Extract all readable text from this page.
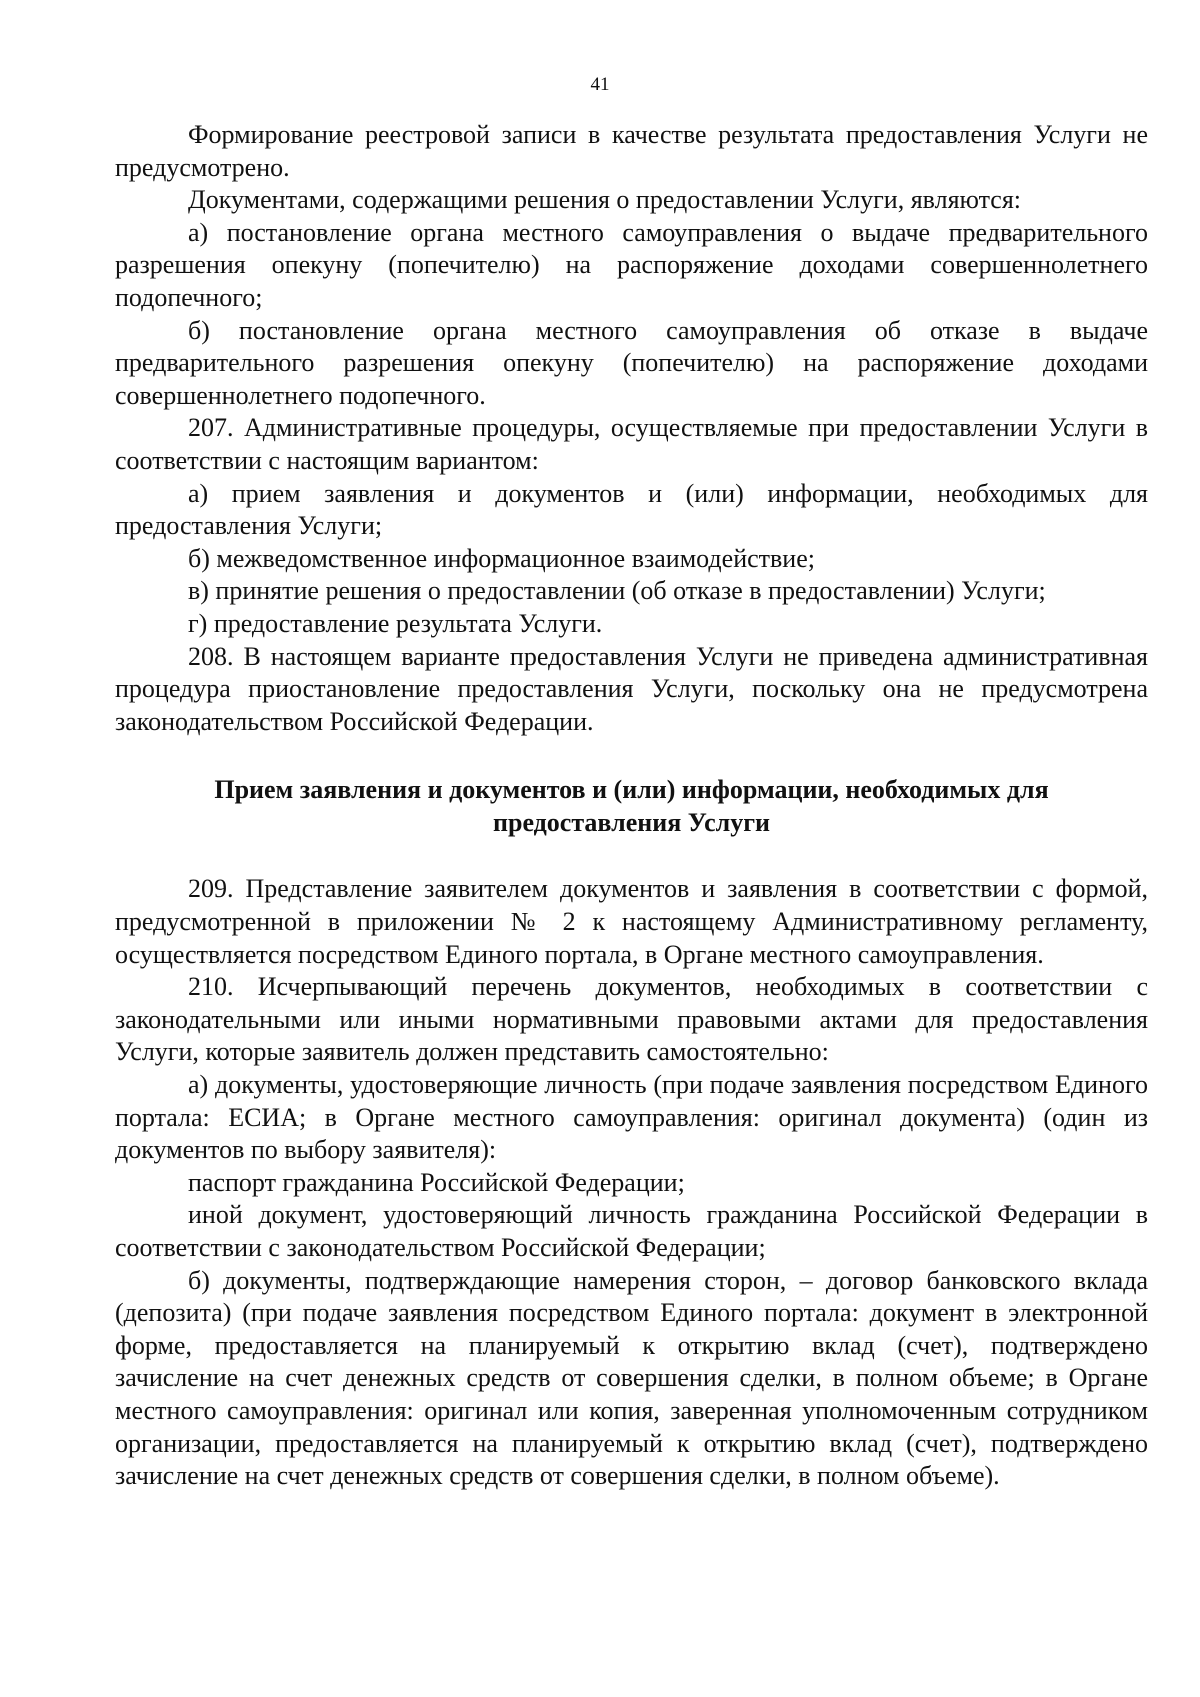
41

Формирование реестровой записи в качестве результата предоставления Услуги не предусмотрено.

Документами, содержащими решения о предоставлении Услуги, являются:

а) постановление органа местного самоуправления о выдаче предварительного разрешения опекуну (попечителю) на распоряжение доходами совершеннолетнего подопечного;

б) постановление органа местного самоуправления об отказе в выдаче предварительного разрешения опекуну (попечителю) на распоряжение доходами совершеннолетнего подопечного.

207. Административные процедуры, осуществляемые при предоставлении Услуги в соответствии с настоящим вариантом:

а) прием заявления и документов и (или) информации, необходимых для предоставления Услуги;

б) межведомственное информационное взаимодействие;

в) принятие решения о предоставлении (об отказе в предоставлении) Услуги;

г) предоставление результата Услуги.

208. В настоящем варианте предоставления Услуги не приведена административная процедура приостановление предоставления Услуги, поскольку она не предусмотрена законодательством Российской Федерации.

Прием заявления и документов и (или) информации, необходимых для
предоставления Услуги

209. Представление заявителем документов и заявления в соответствии с формой, предусмотренной в приложении № 2 к настоящему Административному регламенту, осуществляется посредством Единого портала, в Органе местного самоуправления.

210. Исчерпывающий перечень документов, необходимых в соответствии с законодательными или иными нормативными правовыми актами для предоставления Услуги, которые заявитель должен представить самостоятельно:

а) документы, удостоверяющие личность (при подаче заявления посредством Единого портала: ЕСИА; в Органе местного самоуправления: оригинал документа) (один из документов по выбору заявителя):

паспорт гражданина Российской Федерации;

иной документ, удостоверяющий личность гражданина Российской Федерации в соответствии с законодательством Российской Федерации;

б) документы, подтверждающие намерения сторон, – договор банковского вклада (депозита) (при подаче заявления посредством Единого портала: документ в электронной форме, предоставляется на планируемый к открытию вклад (счет), подтверждено зачисление на счет денежных средств от совершения сделки, в полном объеме; в Органе местного самоуправления: оригинал или копия, заверенная уполномоченным сотрудником организации, предоставляется на планируемый к открытию вклад (счет), подтверждено зачисление на счет денежных средств от совершения сделки, в полном объеме).
